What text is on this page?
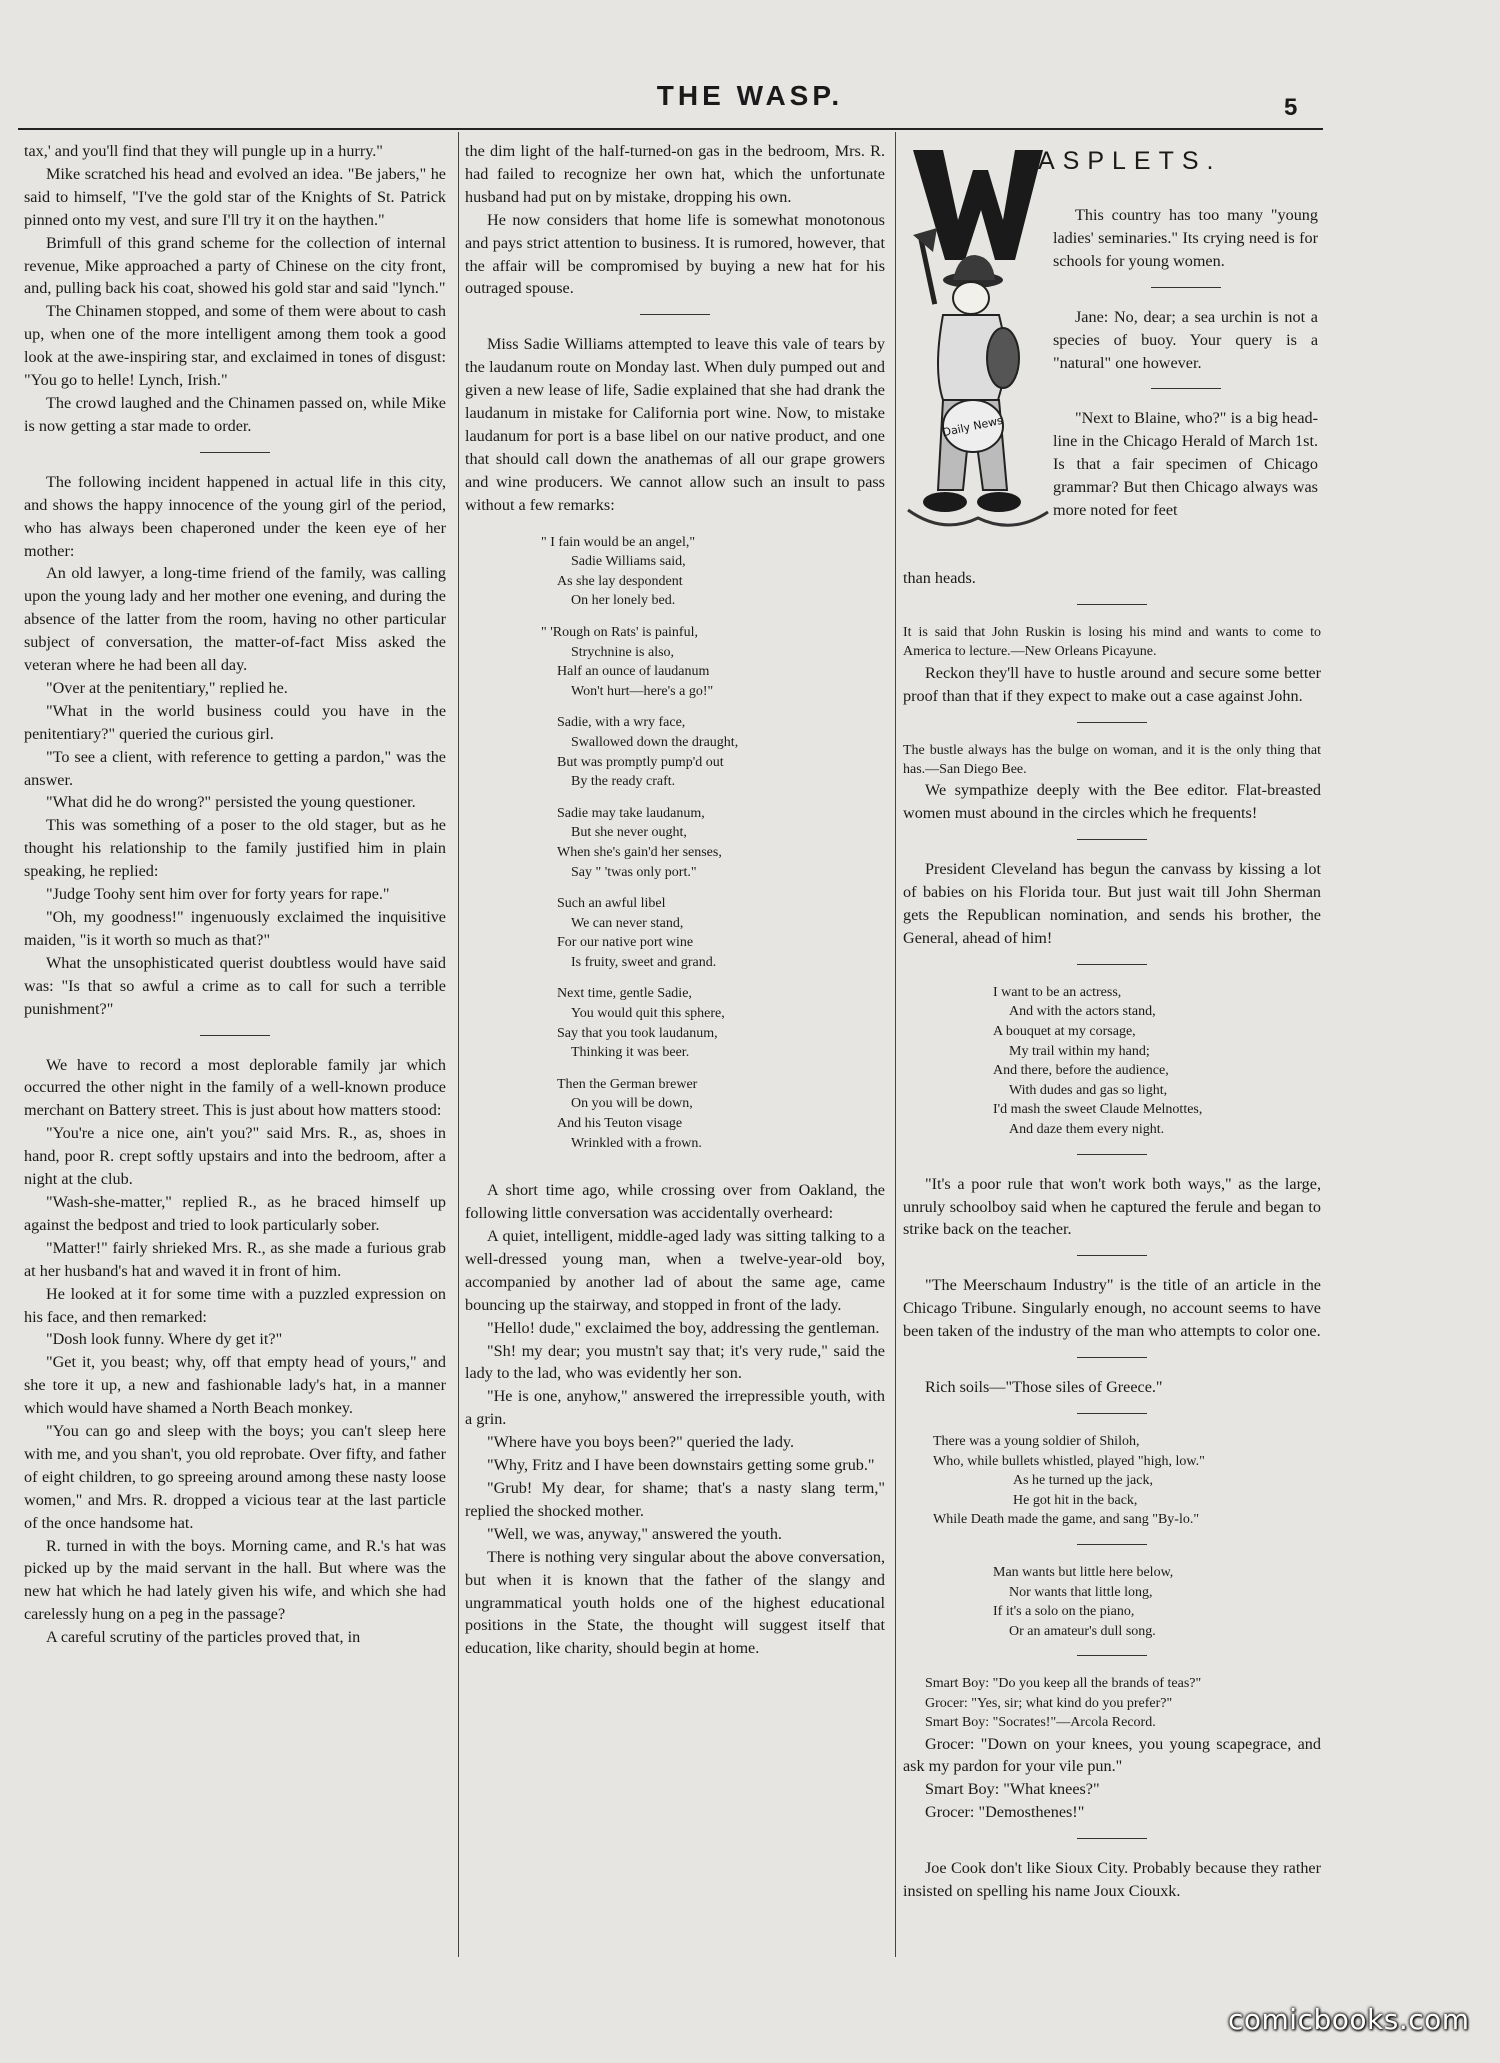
THE WASP.	5

tax,' and you'll find that they will pungle up in a hurry."

Mike scratched his head and evolved an idea. "Be jabers," he said to himself, "I've the gold star of the Knights of St. Patrick pinned onto my vest, and sure I'll try it on the haythen."

Brimfull of this grand scheme for the collection of internal revenue, Mike approached a party of Chinese on the city front, and, pulling back his coat, showed his gold star and said "lynch."

The Chinamen stopped, and some of them were about to cash up, when one of the more intelligent among them took a good look at the awe-inspiring star, and exclaimed in tones of disgust: "You go to helle! Lynch, Irish."

The crowd laughed and the Chinamen passed on, while Mike is now getting a star made to order.

The following incident happened in actual life in this city, and shows the happy innocence of the young girl of the period, who has always been chaperoned under the keen eye of her mother:

An old lawyer, a long-time friend of the family, was calling upon the young lady and her mother one evening, and during the absence of the latter from the room, having no other particular subject of conversation, the matter-of-fact Miss asked the veteran where he had been all day.

"Over at the penitentiary," replied he.

"What in the world business could you have in the penitentiary?" queried the curious girl.

"To see a client, with reference to getting a pardon," was the answer.

"What did he do wrong?" persisted the young questioner.

This was something of a poser to the old stager, but as he thought his relationship to the family justified him in plain speaking, he replied:

"Judge Toohy sent him over for forty years for rape."

"Oh, my goodness!" ingenuously exclaimed the inquisitive maiden, "is it worth so much as that?"

What the unsophisticated querist doubtless would have said was: "Is that so awful a crime as to call for such a terrible punishment?"

We have to record a most deplorable family jar which occurred the other night in the family of a well-known produce merchant on Battery street. This is just about how matters stood:

"You're a nice one, ain't you?" said Mrs. R., as, shoes in hand, poor R. crept softly upstairs and into the bedroom, after a night at the club.

"Wash-she-matter," replied R., as he braced himself up against the bedpost and tried to look particularly sober.

"Matter!" fairly shrieked Mrs. R., as she made a furious grab at her husband's hat and waved it in front of him.

He looked at it for some time with a puzzled expression on his face, and then remarked:

"Dosh look funny. Where dy get it?"

"Get it, you beast; why, off that empty head of yours," and she tore it up, a new and fashionable lady's hat, in a manner which would have shamed a North Beach monkey.

"You can go and sleep with the boys; you can't sleep here with me, and you shan't, you old reprobate. Over fifty, and father of eight children, to go spreeing around among these nasty loose women," and Mrs. R. dropped a vicious tear at the last particle of the once handsome hat.

R. turned in with the boys. Morning came, and R.'s hat was picked up by the maid servant in the hall. But where was the new hat which he had lately given his wife, and which she had carelessly hung on a peg in the passage?

A careful scrutiny of the particles proved that, in

the dim light of the half-turned-on gas in the bedroom, Mrs. R. had failed to recognize her own hat, which the unfortunate husband had put on by mistake, dropping his own.

He now considers that home life is somewhat monotonous and pays strict attention to business. It is rumored, however, that the affair will be compromised by buying a new hat for his outraged spouse.

Miss Sadie Williams attempted to leave this vale of tears by the laudanum route on Monday last. When duly pumped out and given a new lease of life, Sadie explained that she had drank the laudanum in mistake for California port wine. Now, to mistake laudanum for port is a base libel on our native product, and one that should call down the anathemas of all our grape growers and wine producers. We cannot allow such an insult to pass without a few remarks:

" I fain would be an angel,"
Sadie Williams said,
As she lay despondent
On her lonely bed.
" 'Rough on Rats' is painful,
Strychnine is also,
Half an ounce of laudanum
Won't hurt—here's a go!"
Sadie, with a wry face,
Swallowed down the draught,
But was promptly pump'd out
By the ready craft.
Sadie may take laudanum,
But she never ought,
When she's gain'd her senses,
Say " 'twas only port."
Such an awful libel
We can never stand,
For our native port wine
Is fruity, sweet and grand.
Next time, gentle Sadie,
You would quit this sphere,
Say that you took laudanum,
Thinking it was beer.
Then the German brewer
On you will be down,
And his Teuton visage
Wrinkled with a frown.

A short time ago, while crossing over from Oakland, the following little conversation was accidentally overheard:

A quiet, intelligent, middle-aged lady was sitting talking to a well-dressed young man, when a twelve-year-old boy, accompanied by another lad of about the same age, came bouncing up the stairway, and stopped in front of the lady.

"Hello! dude," exclaimed the boy, addressing the gentleman.

"Sh! my dear; you mustn't say that; it's very rude," said the lady to the lad, who was evidently her son.

"He is one, anyhow," answered the irrepressible youth, with a grin.

"Where have you boys been?" queried the lady.

"Why, Fritz and I have been downstairs getting some grub."

"Grub! My dear, for shame; that's a nasty slang term," replied the shocked mother.

"Well, we was, anyway," answered the youth.

There is nothing very singular about the above conversation, but when it is known that the father of the slangy and ungrammatical youth holds one of the highest educational positions in the State, the thought will suggest itself that education, like charity, should begin at home.

Daily News
ASPLETS.

This country has too many "young ladies' seminaries." Its crying need is for schools for young women.

Jane: No, dear; a sea urchin is not a species of buoy. Your query is a "natural" one however.

"Next to Blaine, who?" is a big head-line in the Chicago Herald of March 1st. Is that a fair specimen of Chicago grammar? But then Chicago always was more noted for feet

than heads.

It is said that John Ruskin is losing his mind and wants to come to America to lecture.—New Orleans Picayune.

Reckon they'll have to hustle around and secure some better proof than that if they expect to make out a case against John.

The bustle always has the bulge on woman, and it is the only thing that has.—San Diego Bee.

We sympathize deeply with the Bee editor. Flat-breasted women must abound in the circles which he frequents!

President Cleveland has begun the canvass by kissing a lot of babies on his Florida tour. But just wait till John Sherman gets the Republican nomination, and sends his brother, the General, ahead of him!

I want to be an actress,
And with the actors stand,
A bouquet at my corsage,
My trail within my hand;
And there, before the audience,
With dudes and gas so light,
I'd mash the sweet Claude Melnottes,
And daze them every night.

"It's a poor rule that won't work both ways," as the large, unruly schoolboy said when he captured the ferule and began to strike back on the teacher.

"The Meerschaum Industry" is the title of an article in the Chicago Tribune. Singularly enough, no account seems to have been taken of the industry of the man who attempts to color one.

Rich soils—"Those siles of Greece."

There was a young soldier of Shiloh,
Who, while bullets whistled, played "high, low."
As he turned up the jack,
He got hit in the back,
While Death made the game, and sang "By-lo."
Man wants but little here below,
Nor wants that little long,
If it's a solo on the piano,
Or an amateur's dull song.

Smart Boy: "Do you keep all the brands of teas?"

Grocer: "Yes, sir; what kind do you prefer?"

Smart Boy: "Socrates!"—Arcola Record.

Grocer: "Down on your knees, you young scapegrace, and ask my pardon for your vile pun."

Smart Boy: "What knees?"

Grocer: "Demosthenes!"

Joe Cook don't like Sioux City. Probably because they rather insisted on spelling his name Joux Ciouxk.

comicbooks.com
